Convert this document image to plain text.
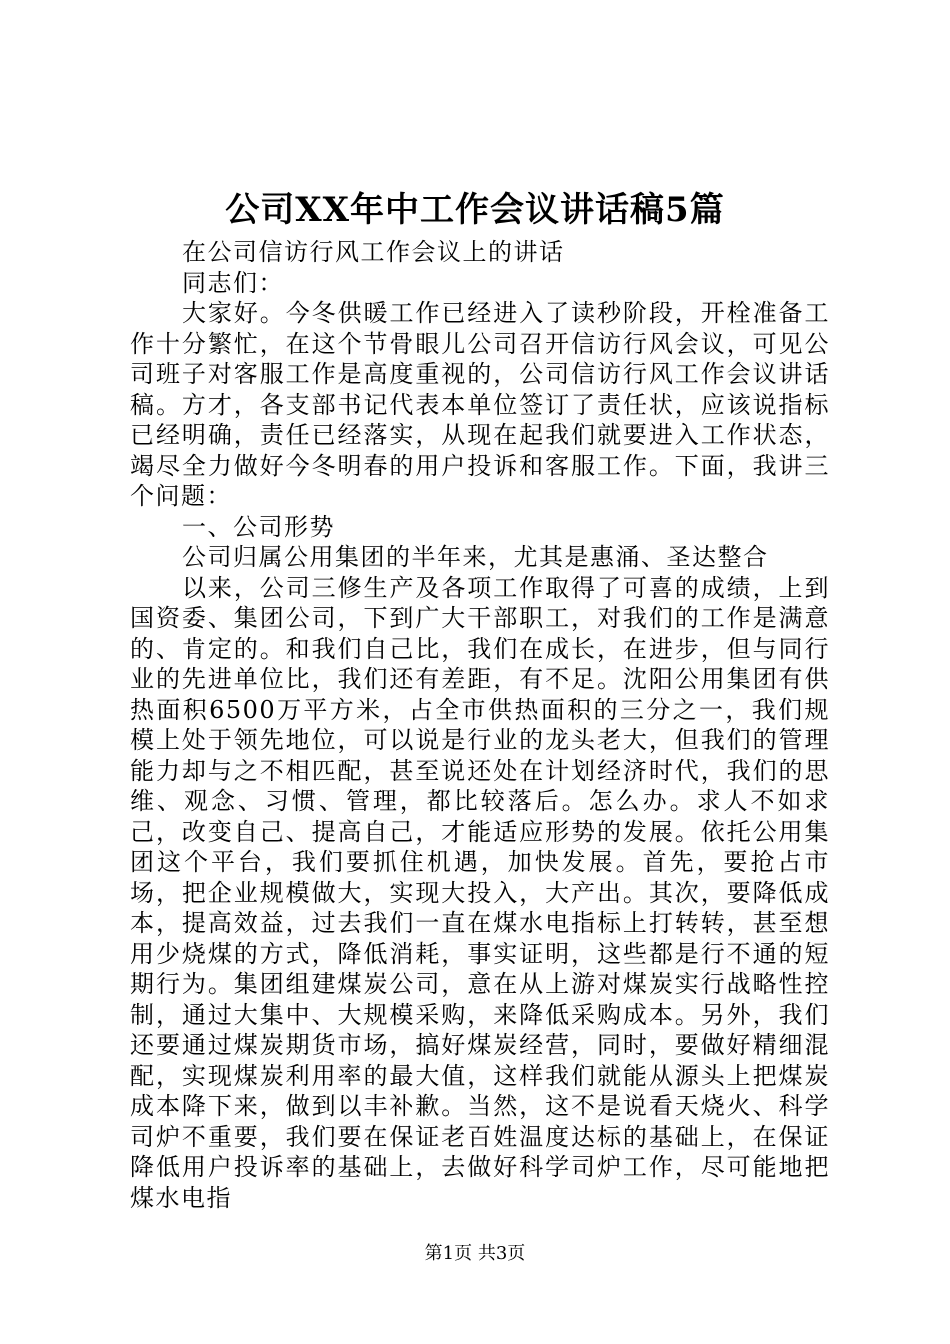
公司XX年中工作会议讲话稿5篇

在公司信访行风工作会议上的讲话

同志们：

大家好。今冬供暖工作已经进入了读秒阶段，开栓准备工作十分繁忙，在这个节骨眼儿公司召开信访行风会议，可见公司班子对客服工作是高度重视的，公司信访行风工作会议讲话稿。方才，各支部书记代表本单位签订了责任状，应该说指标已经明确，责任已经落实，从现在起我们就要进入工作状态，竭尽全力做好今冬明春的用户投诉和客服工作。下面，我讲三个问题：

一、公司形势

公司归属公用集团的半年来，尤其是惠涌、圣达整合

以来，公司三修生产及各项工作取得了可喜的成绩，上到国资委、集团公司，下到广大干部职工，对我们的工作是满意的、肯定的。和我们自己比，我们在成长，在进步，但与同行业的先进单位比，我们还有差距，有不足。沈阳公用集团有供热面积6500万平方米，占全市供热面积的三分之一，我们规模上处于领先地位，可以说是行业的龙头老大，但我们的管理能力却与之不相匹配，甚至说还处在计划经济时代，我们的思维、观念、习惯、管理，都比较落后。怎么办。求人不如求己，改变自己、提高自己，才能适应形势的发展。依托公用集团这个平台，我们要抓住机遇，加快发展。首先，要抢占市场，把企业规模做大，实现大投入，大产出。其次，要降低成本，提高效益，过去我们一直在煤水电指标上打转转，甚至想用少烧煤的方式，降低消耗，事实证明，这些都是行不通的短期行为。集团组建煤炭公司，意在从上游对煤炭实行战略性控制，通过大集中、大规模采购，来降低采购成本。另外，我们还要通过煤炭期货市场，搞好煤炭经营，同时，要做好精细混配，实现煤炭利用率的最大值，这样我们就能从源头上把煤炭成本降下来，做到以丰补歉。当然，这不是说看天烧火、科学司炉不重要，我们要在保证老百姓温度达标的基础上，在保证降低用户投诉率的基础上，去做好科学司炉工作，尽可能地把煤水电指

第1页 共3页
